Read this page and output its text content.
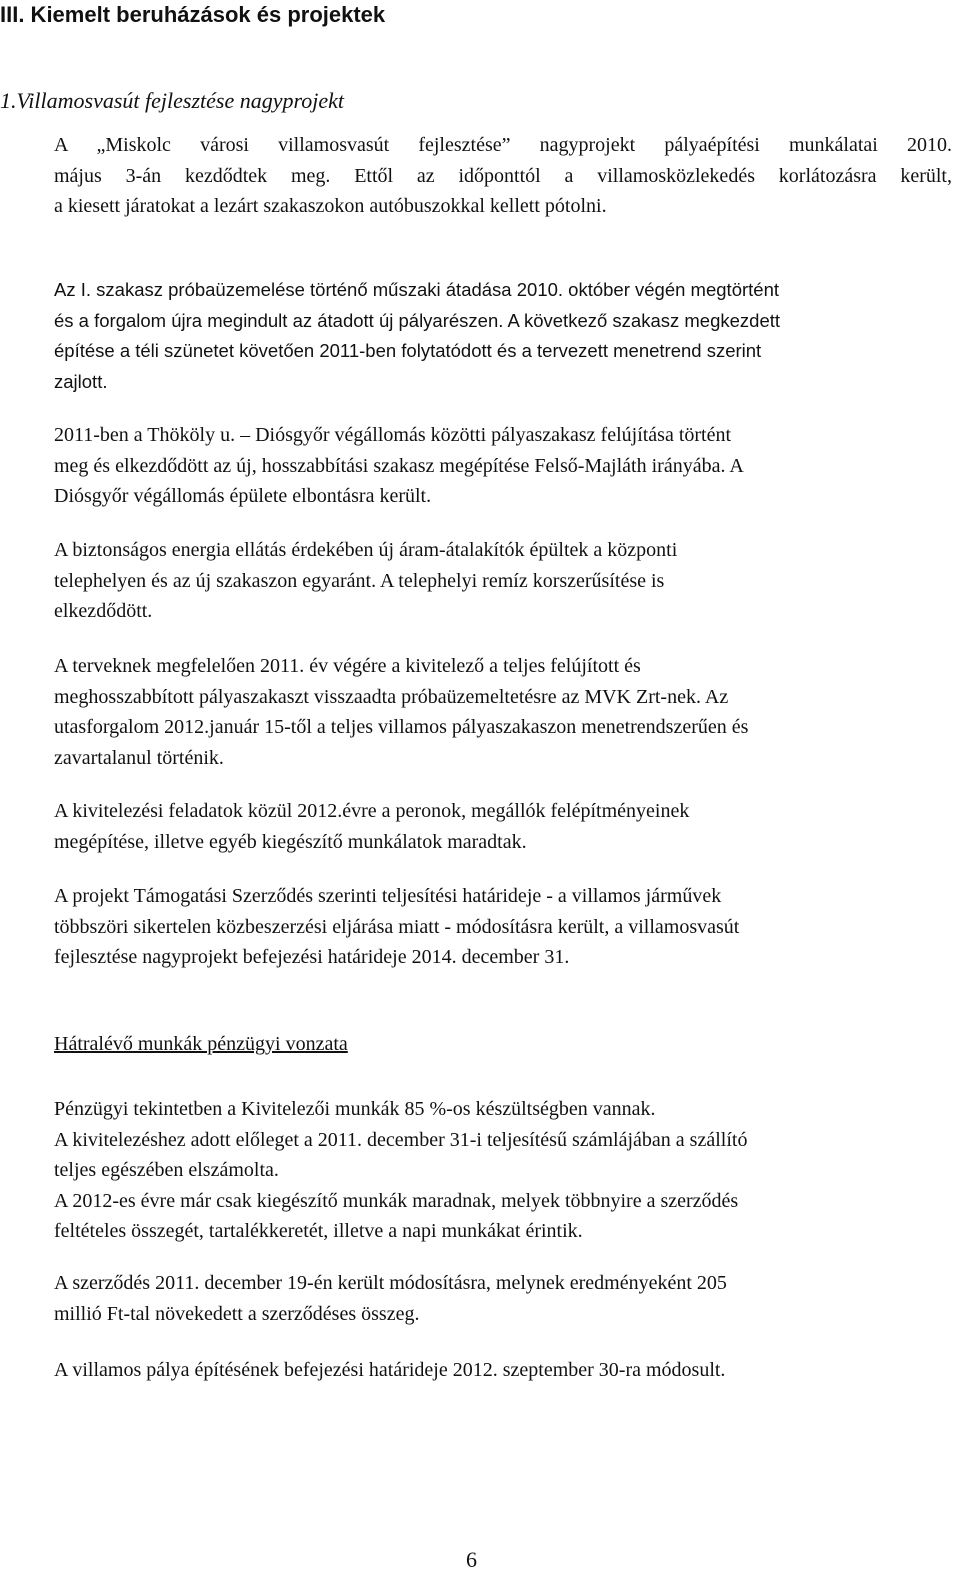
III. Kiemelt beruházások és projektek
1.Villamosvasút fejlesztése nagyprojekt

A „Miskolc városi villamosvasút fejlesztése” nagyprojekt pályaépítési munkálatai 2010.
május 3-án kezdődtek meg. Ettől az időponttól a villamosközlekedés korlátozásra került,
a kiesett járatokat a lezárt szakaszokon autóbuszokkal kellett pótolni.

Az I. szakasz próbaüzemelése történő műszaki átadása 2010. október végén megtörtént
és a forgalom újra megindult az átadott új pályarészen. A következő szakasz megkezdett
építése a téli szünetet követően 2011-ben folytatódott és a tervezett menetrend szerint
zajlott.

2011-ben a Thököly u. – Diósgyőr végállomás közötti pályaszakasz felújítása történt
meg és elkezdődött az új, hosszabbítási szakasz megépítése Felső-Majláth irányába. A
Diósgyőr végállomás épülete elbontásra került.

A biztonságos energia ellátás érdekében új áram-átalakítók épültek a központi
telephelyen és az új szakaszon egyaránt. A telephelyi remíz korszerűsítése is
elkezdődött.

A terveknek megfelelően 2011. év végére a kivitelező a teljes felújított és
meghosszabbított pályaszakaszt visszaadta próbaüzemeltetésre az MVK Zrt-nek. Az
utasforgalom 2012.január 15-től a teljes villamos pályaszakaszon menetrendszerűen és
zavartalanul történik.

A kivitelezési feladatok közül 2012.évre a peronok, megállók felépítményeinek
megépítése, illetve egyéb kiegészítő munkálatok maradtak.

A projekt Támogatási Szerződés szerinti teljesítési határideje - a villamos járművek
többszöri sikertelen közbeszerzési eljárása miatt - módosításra került, a villamosvasút
fejlesztése nagyprojekt befejezési határideje 2014. december 31.

Hátralévő munkák pénzügyi vonzata

Pénzügyi tekintetben a Kivitelezői munkák 85 %-os készültségben vannak.
A kivitelezéshez adott előleget a 2011. december 31-i teljesítésű számlájában a szállító
teljes egészében elszámolta.
A 2012-es évre már csak kiegészítő munkák maradnak, melyek többnyire a szerződés
feltételes összegét, tartalékkeretét, illetve a napi munkákat érintik.

A szerződés 2011. december 19-én került módosításra, melynek eredményeként 205
millió Ft-tal növekedett a szerződéses összeg.

A villamos pálya építésének befejezési határideje 2012. szeptember 30-ra módosult.

6
